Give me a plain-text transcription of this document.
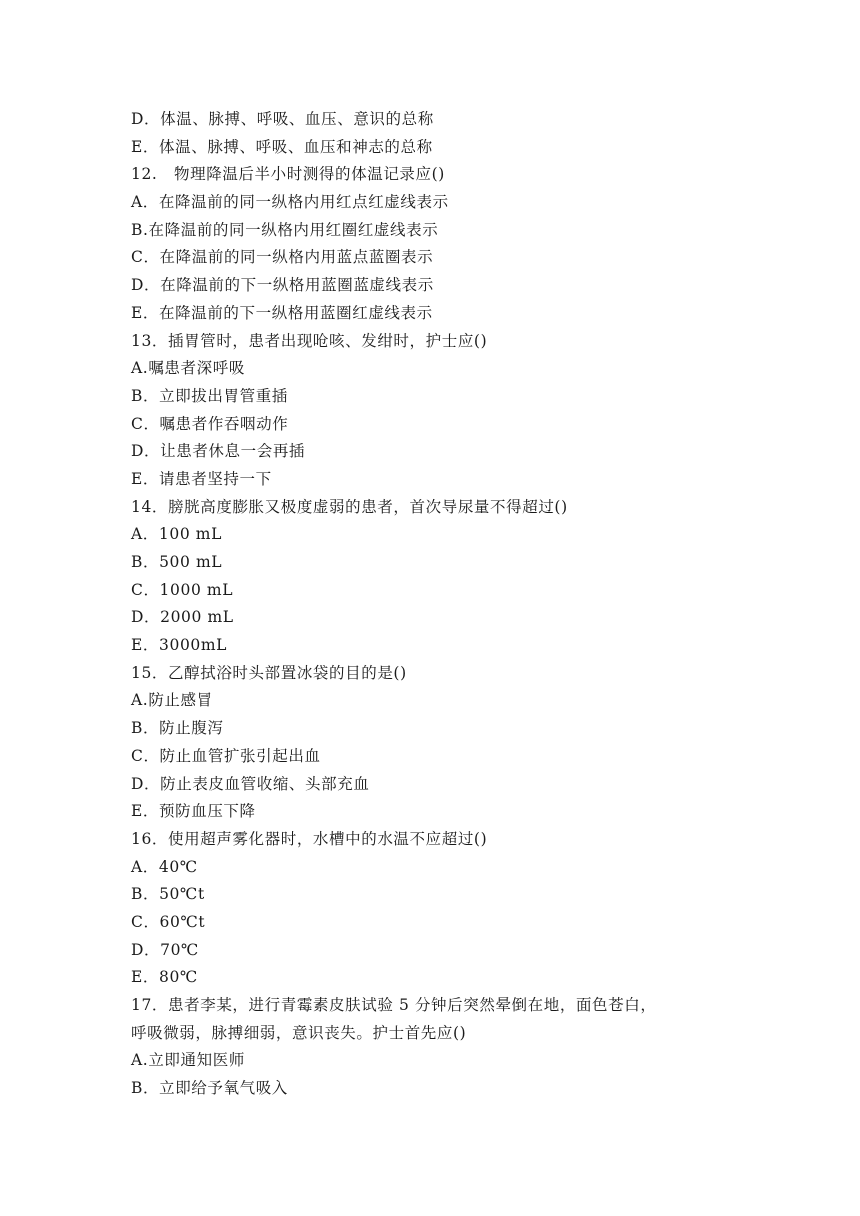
D．体温、脉搏、呼吸、血压、意识的总称
E．体温、脉搏、呼吸、血压和神志的总称
12.   物理降温后半小时测得的体温记录应()
A．在降温前的同一纵格内用红点红虚线表示
B.在降温前的同一纵格内用红圈红虚线表示
C．在降温前的同一纵格内用蓝点蓝圈表示
D．在降温前的下一纵格用蓝圈蓝虚线表示
E．在降温前的下一纵格用蓝圈红虚线表示
13．插胃管时，患者出现呛咳、发绀时，护士应()
A.嘱患者深呼吸
B．立即拔出胃管重插
C．嘱患者作吞咽动作
D．让患者休息一会再插
E．请患者坚持一下
14．膀胱高度膨胀又极度虚弱的患者，首次导尿量不得超过()
A．100 mL
B．500 mL
C．1000 mL
D．2000 mL
E．3000mL
15．乙醇拭浴时头部置冰袋的目的是()
A.防止感冒
B．防止腹泻
C．防止血管扩张引起出血
D．防止表皮血管收缩、头部充血
E．预防血压下降
16．使用超声雾化器时，水槽中的水温不应超过()
A．40℃
B．50℃t
C．60℃t
D．70℃
E．80℃
17．患者李某，进行青霉素皮肤试验 5 分钟后突然晕倒在地，面色苍白，
呼吸微弱，脉搏细弱，意识丧失。护士首先应()
A.立即通知医师
B．立即给予氧气吸入
